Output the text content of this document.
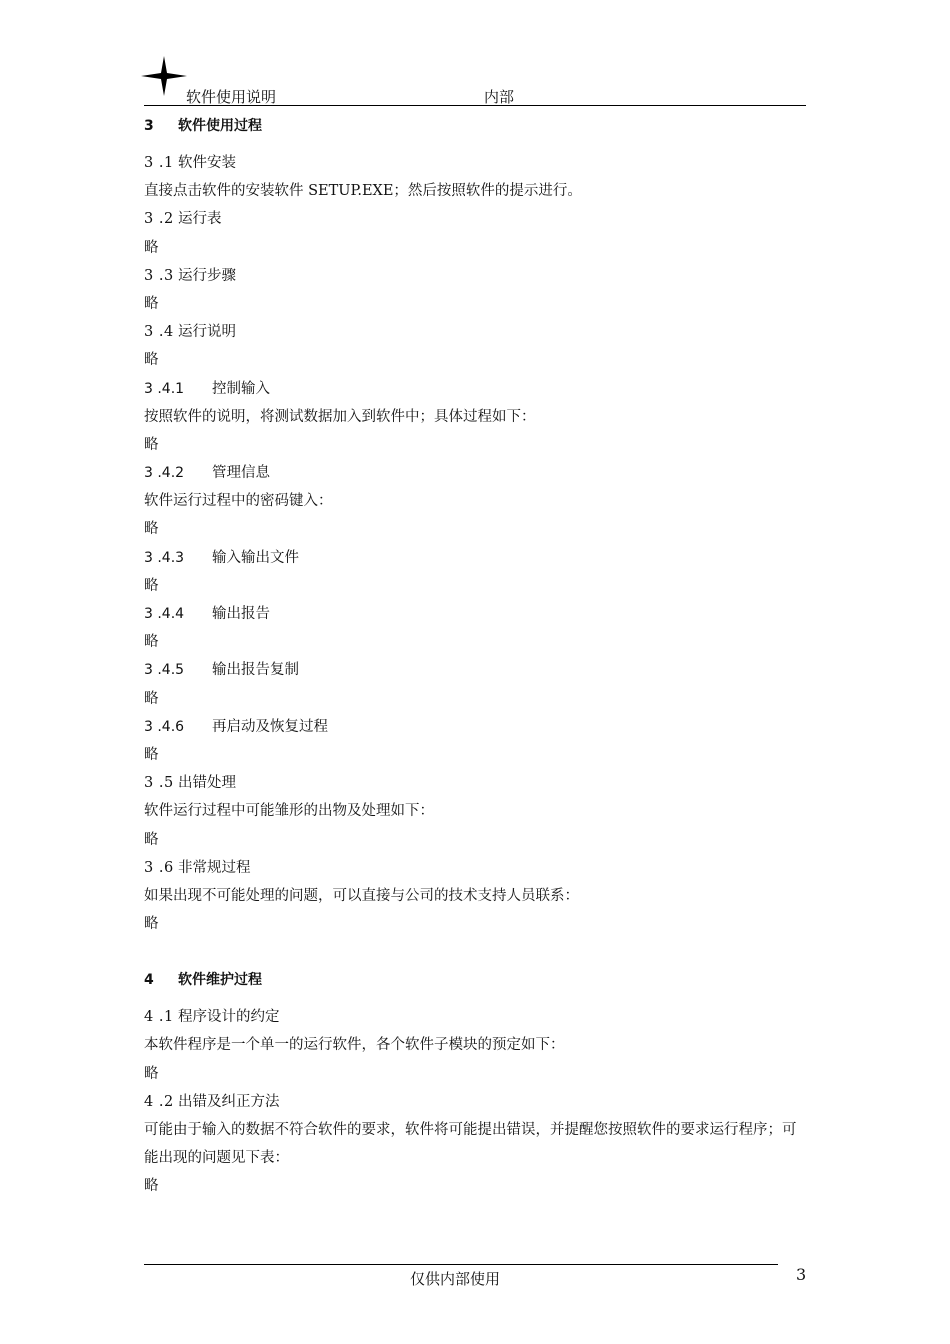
软件使用说明	内部
3 软件使用过程
3 .1 软件安装
直接点击软件的安装软件 SETUP.EXE；然后按照软件的提示进行。
3 .2 运行表
略
3 .3 运行步骤
略
3 .4 运行说明
略
3 .4.1 控制输入
按照软件的说明，将测试数据加入到软件中；具体过程如下：
略
3 .4.2 管理信息
软件运行过程中的密码键入：
略
3 .4.3 输入输出文件
略
3 .4.4 输出报告
略
3 .4.5 输出报告复制
略
3 .4.6 再启动及恢复过程
略
3 .5 出错处理
软件运行过程中可能雏形的出物及处理如下：
略
3 .6 非常规过程
如果出现不可能处理的问题，可以直接与公司的技术支持人员联系：
略
4 软件维护过程
4 .1 程序设计的约定
本软件程序是一个单一的运行软件，各个软件子模块的预定如下：
略
4 .2 出错及纠正方法
可能由于输入的数据不符合软件的要求，软件将可能提出错误，并提醒您按照软件的要求运行程序；可能出现的问题见下表：
略
仅供内部使用	3
